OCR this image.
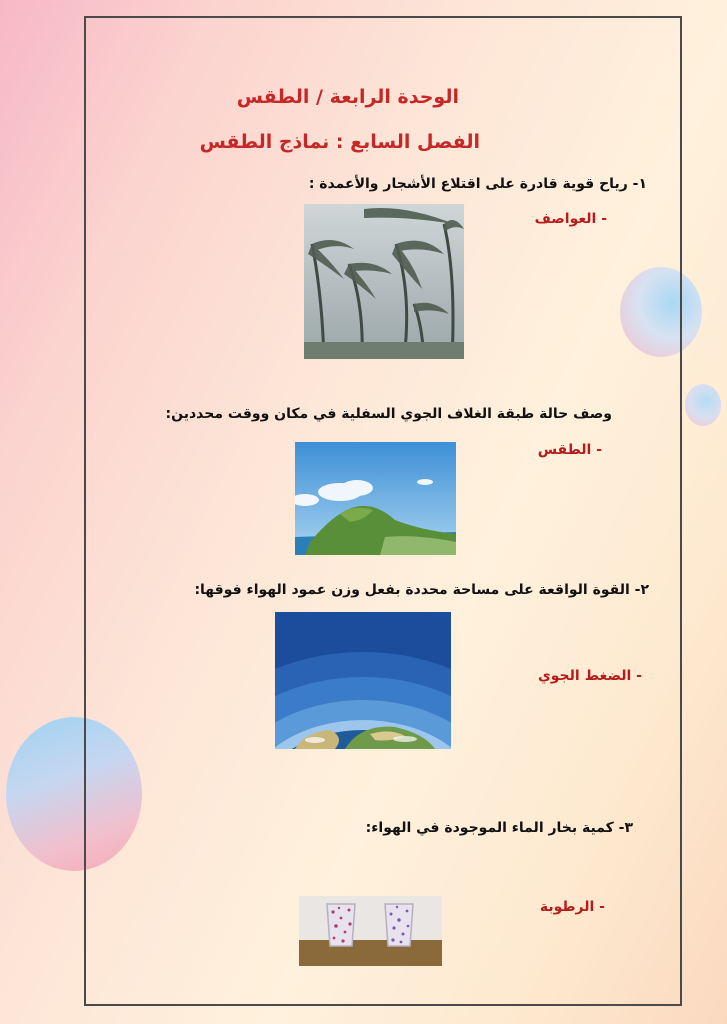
الوحدة الرابعة / الطقس
الفصل السابع : نماذج الطقس
١- رياح قوية قادرة على اقتلاع الأشجار والأعمدة :
- العواصف
وصف حالة طبقة الغلاف الجوي السفلية في مكان ووقت محددين:
- الطقس
٢- القوة الواقعة على مساحة محددة بفعل وزن عمود الهواء فوقها:
- الضغط الجوي
٣- كمية بخار الماء الموجودة في الهواء:
- الرطوبة
